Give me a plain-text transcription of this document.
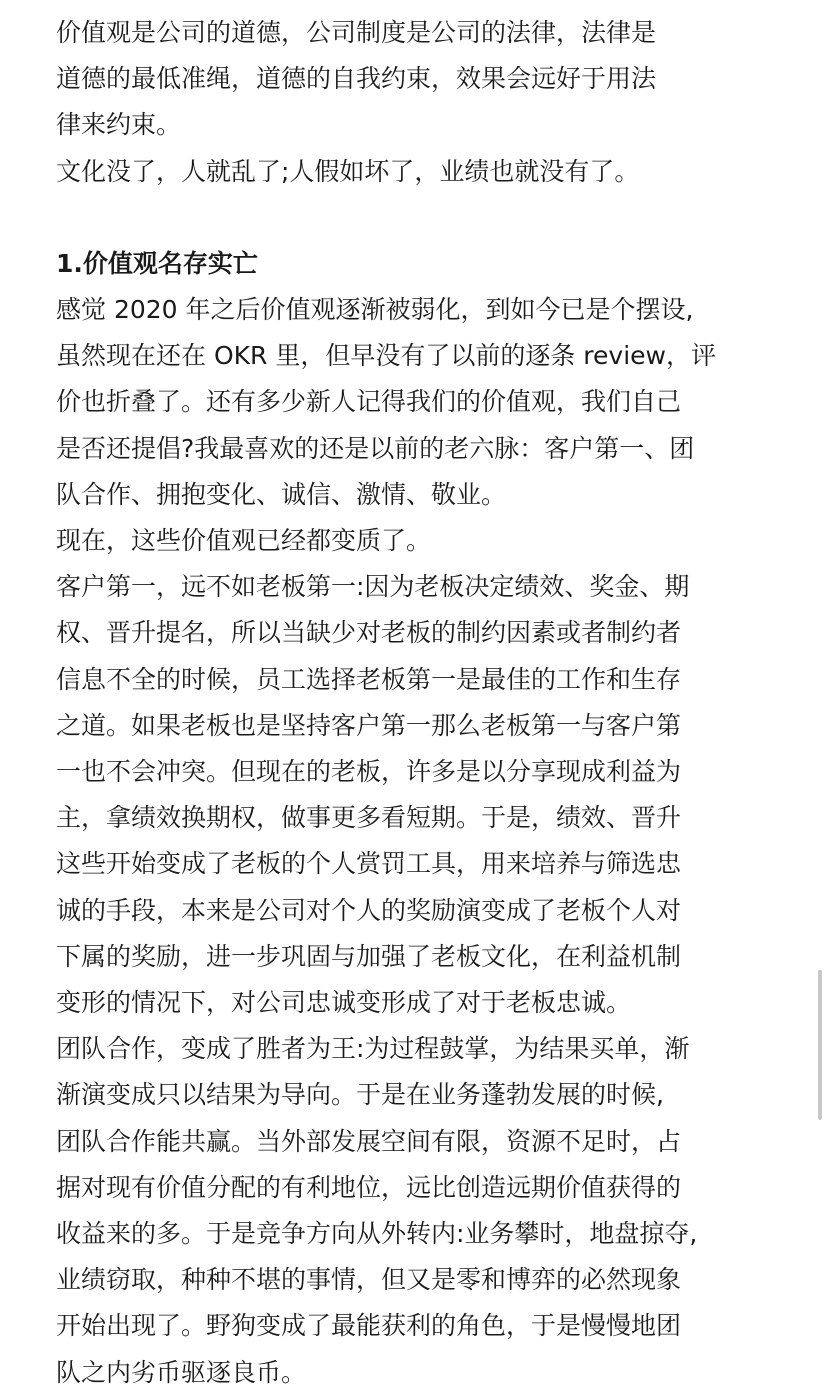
价值观是公司的道德，公司制度是公司的法律，法律是
道德的最低准绳，道德的自我约束，效果会远好于用法
律来约束。

文化没了，人就乱了;人假如坏了，业绩也就没有了。

1.价值观名存实亡

感觉 2020 年之后价值观逐渐被弱化，到如今已是个摆设,
虽然现在还在 OKR 里，但早没有了以前的逐条 review，评
价也折叠了。还有多少新人记得我们的价值观，我们自己
是否还提倡?我最喜欢的还是以前的老六脉：客户第一、团
队合作、拥抱变化、诚信、激情、敬业。

现在，这些价值观已经都变质了。

客户第一，远不如老板第一:因为老板决定绩效、奖金、期
权、晋升提名，所以当缺少对老板的制约因素或者制约者
信息不全的时候，员工选择老板第一是最佳的工作和生存
之道。如果老板也是坚持客户第一那么老板第一与客户第
一也不会冲突。但现在的老板，许多是以分享现成利益为
主，拿绩效换期权，做事更多看短期。于是，绩效、晋升
这些开始变成了老板的个人赏罚工具，用来培养与筛选忠
诚的手段，本来是公司对个人的奖励演变成了老板个人对
下属的奖励，进一步巩固与加强了老板文化，在利益机制
变形的情况下，对公司忠诚变形成了对于老板忠诚。

团队合作，变成了胜者为王:为过程鼓掌，为结果买单，渐
渐演变成只以结果为导向。于是在业务蓬勃发展的时候,
团队合作能共赢。当外部发展空间有限，资源不足时，占
据对现有价值分配的有利地位，远比创造远期价值获得的
收益来的多。于是竞争方向从外转内:业务攀时，地盘掠夺,
业绩窃取，种种不堪的事情，但又是零和博弈的必然现象
开始出现了。野狗变成了最能获利的角色，于是慢慢地团
队之内劣币驱逐良币。
